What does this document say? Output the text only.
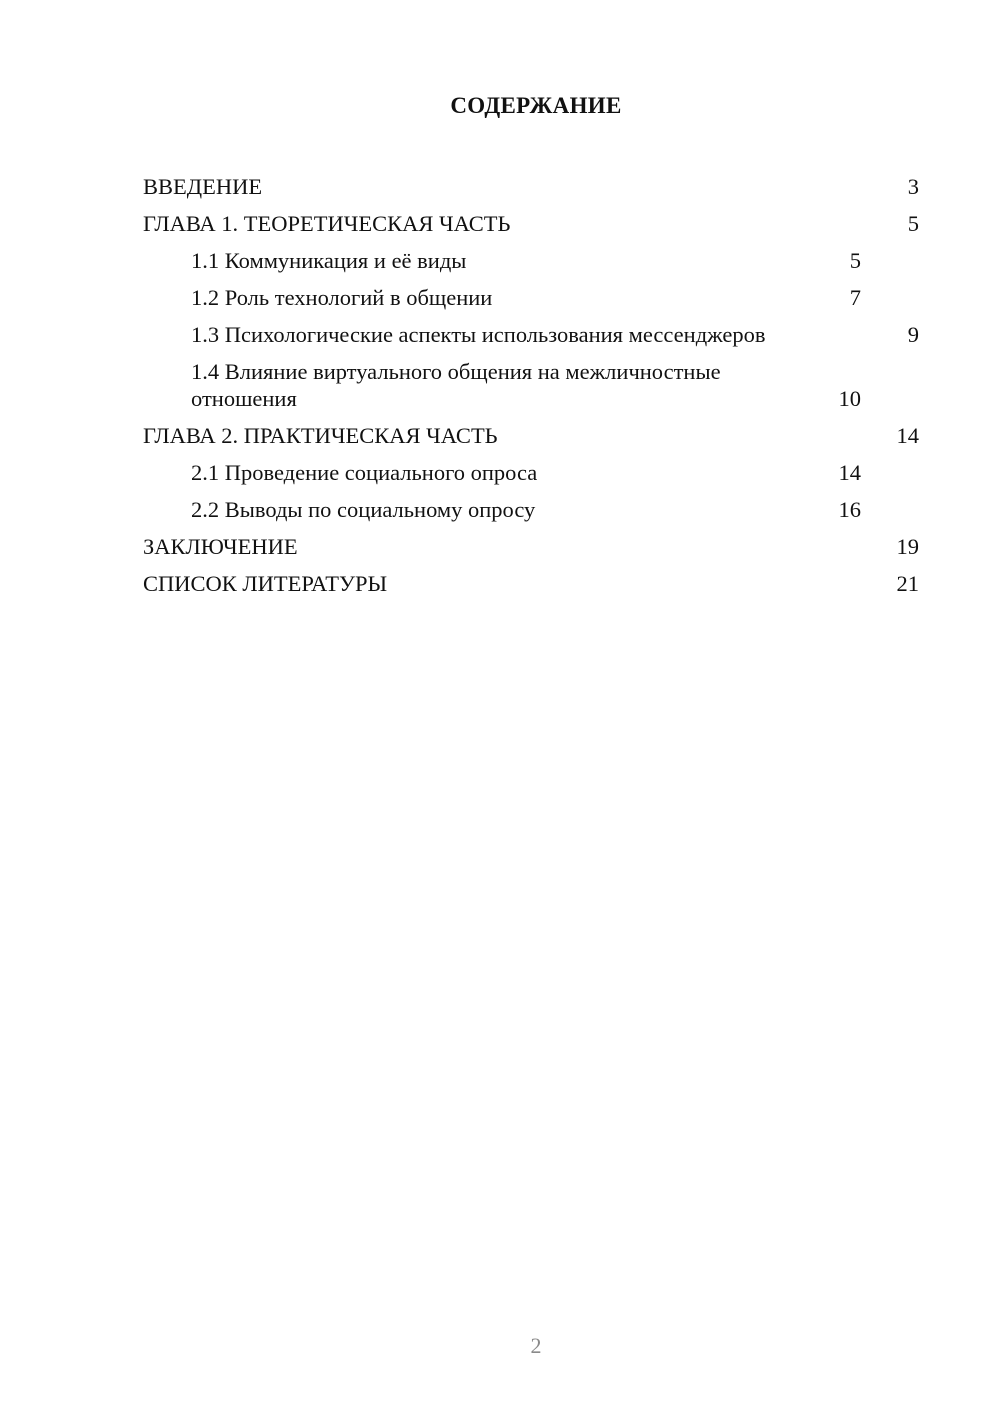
СОДЕРЖАНИЕ
ВВЕДЕНИЕ	3
ГЛАВА 1. ТЕОРЕТИЧЕСКАЯ ЧАСТЬ	5
1.1 Коммуникация и её виды	5
1.2 Роль технологий в общении	7
1.3 Психологические аспекты использования мессенджеров	9
1.4 Влияние виртуального общения на межличностные отношения	10
ГЛАВА 2. ПРАКТИЧЕСКАЯ ЧАСТЬ	14
2.1 Проведение социального опроса	14
2.2 Выводы по социальному опросу	16
ЗАКЛЮЧЕНИЕ	19
СПИСОК ЛИТЕРАТУРЫ	21
2
